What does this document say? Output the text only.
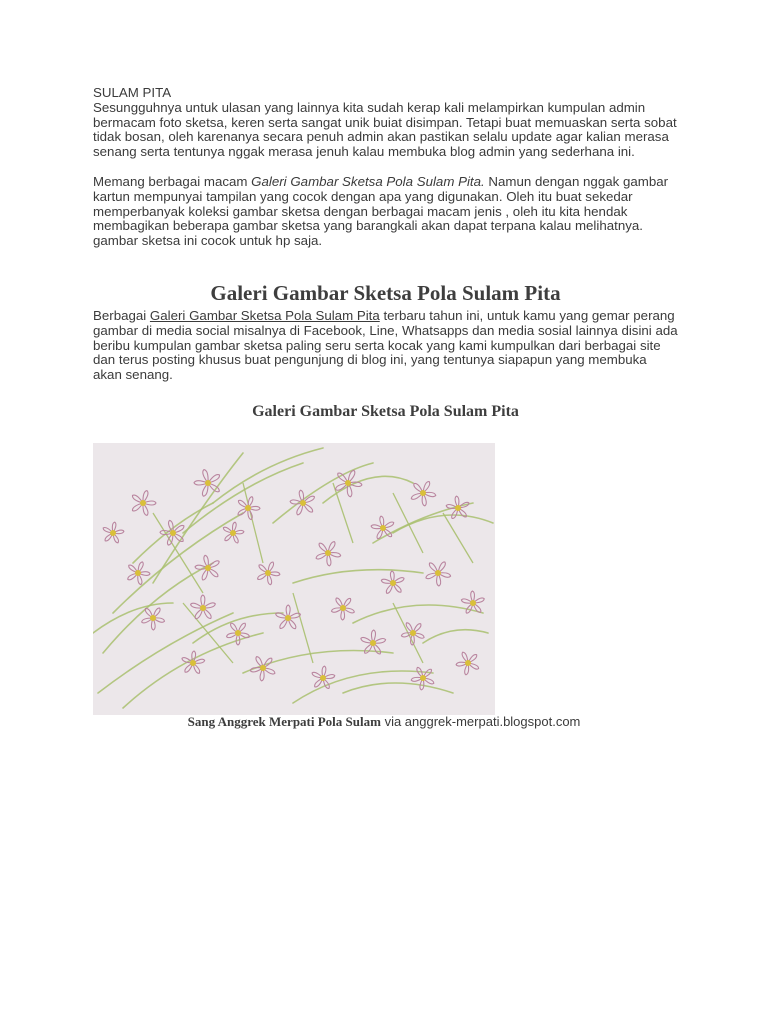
SULAM PITA

Sesungguhnya untuk ulasan yang lainnya kita sudah kerap kali melampirkan kumpulan admin bermacam foto sketsa, keren serta sangat unik buiat disimpan. Tetapi buat memuaskan serta sobat tidak bosan, oleh karenanya secara penuh admin akan pastikan selalu update agar kalian merasa senang serta tentunya nggak merasa jenuh kalau membuka blog admin yang sederhana ini.

Memang berbagai macam Galeri Gambar Sketsa Pola Sulam Pita. Namun dengan nggak gambar kartun mempunyai tampilan yang cocok dengan apa yang digunakan. Oleh itu buat sekedar memperbanyak koleksi gambar sketsa dengan berbagai macam jenis , oleh itu kita hendak membagikan beberapa gambar sketsa yang barangkali akan dapat terpana kalau melihatnya. gambar sketsa ini cocok untuk hp saja.

Galeri Gambar Sketsa Pola Sulam Pita

Berbagai Galeri Gambar Sketsa Pola Sulam Pita terbaru tahun ini, untuk kamu yang gemar perang gambar di media social misalnya di Facebook, Line, Whatsapps dan media sosial lainnya disini ada beribu kumpulan gambar sketsa paling seru serta kocak yang kami kumpulkan dari berbagai site dan terus posting khusus buat pengunjung di blog ini, yang tentunya siapapun yang membuka akan senang.

Galeri Gambar Sketsa Pola Sulam Pita
Sang Anggrek Merpati Pola Sulam via anggrek-merpati.blogspot.com
